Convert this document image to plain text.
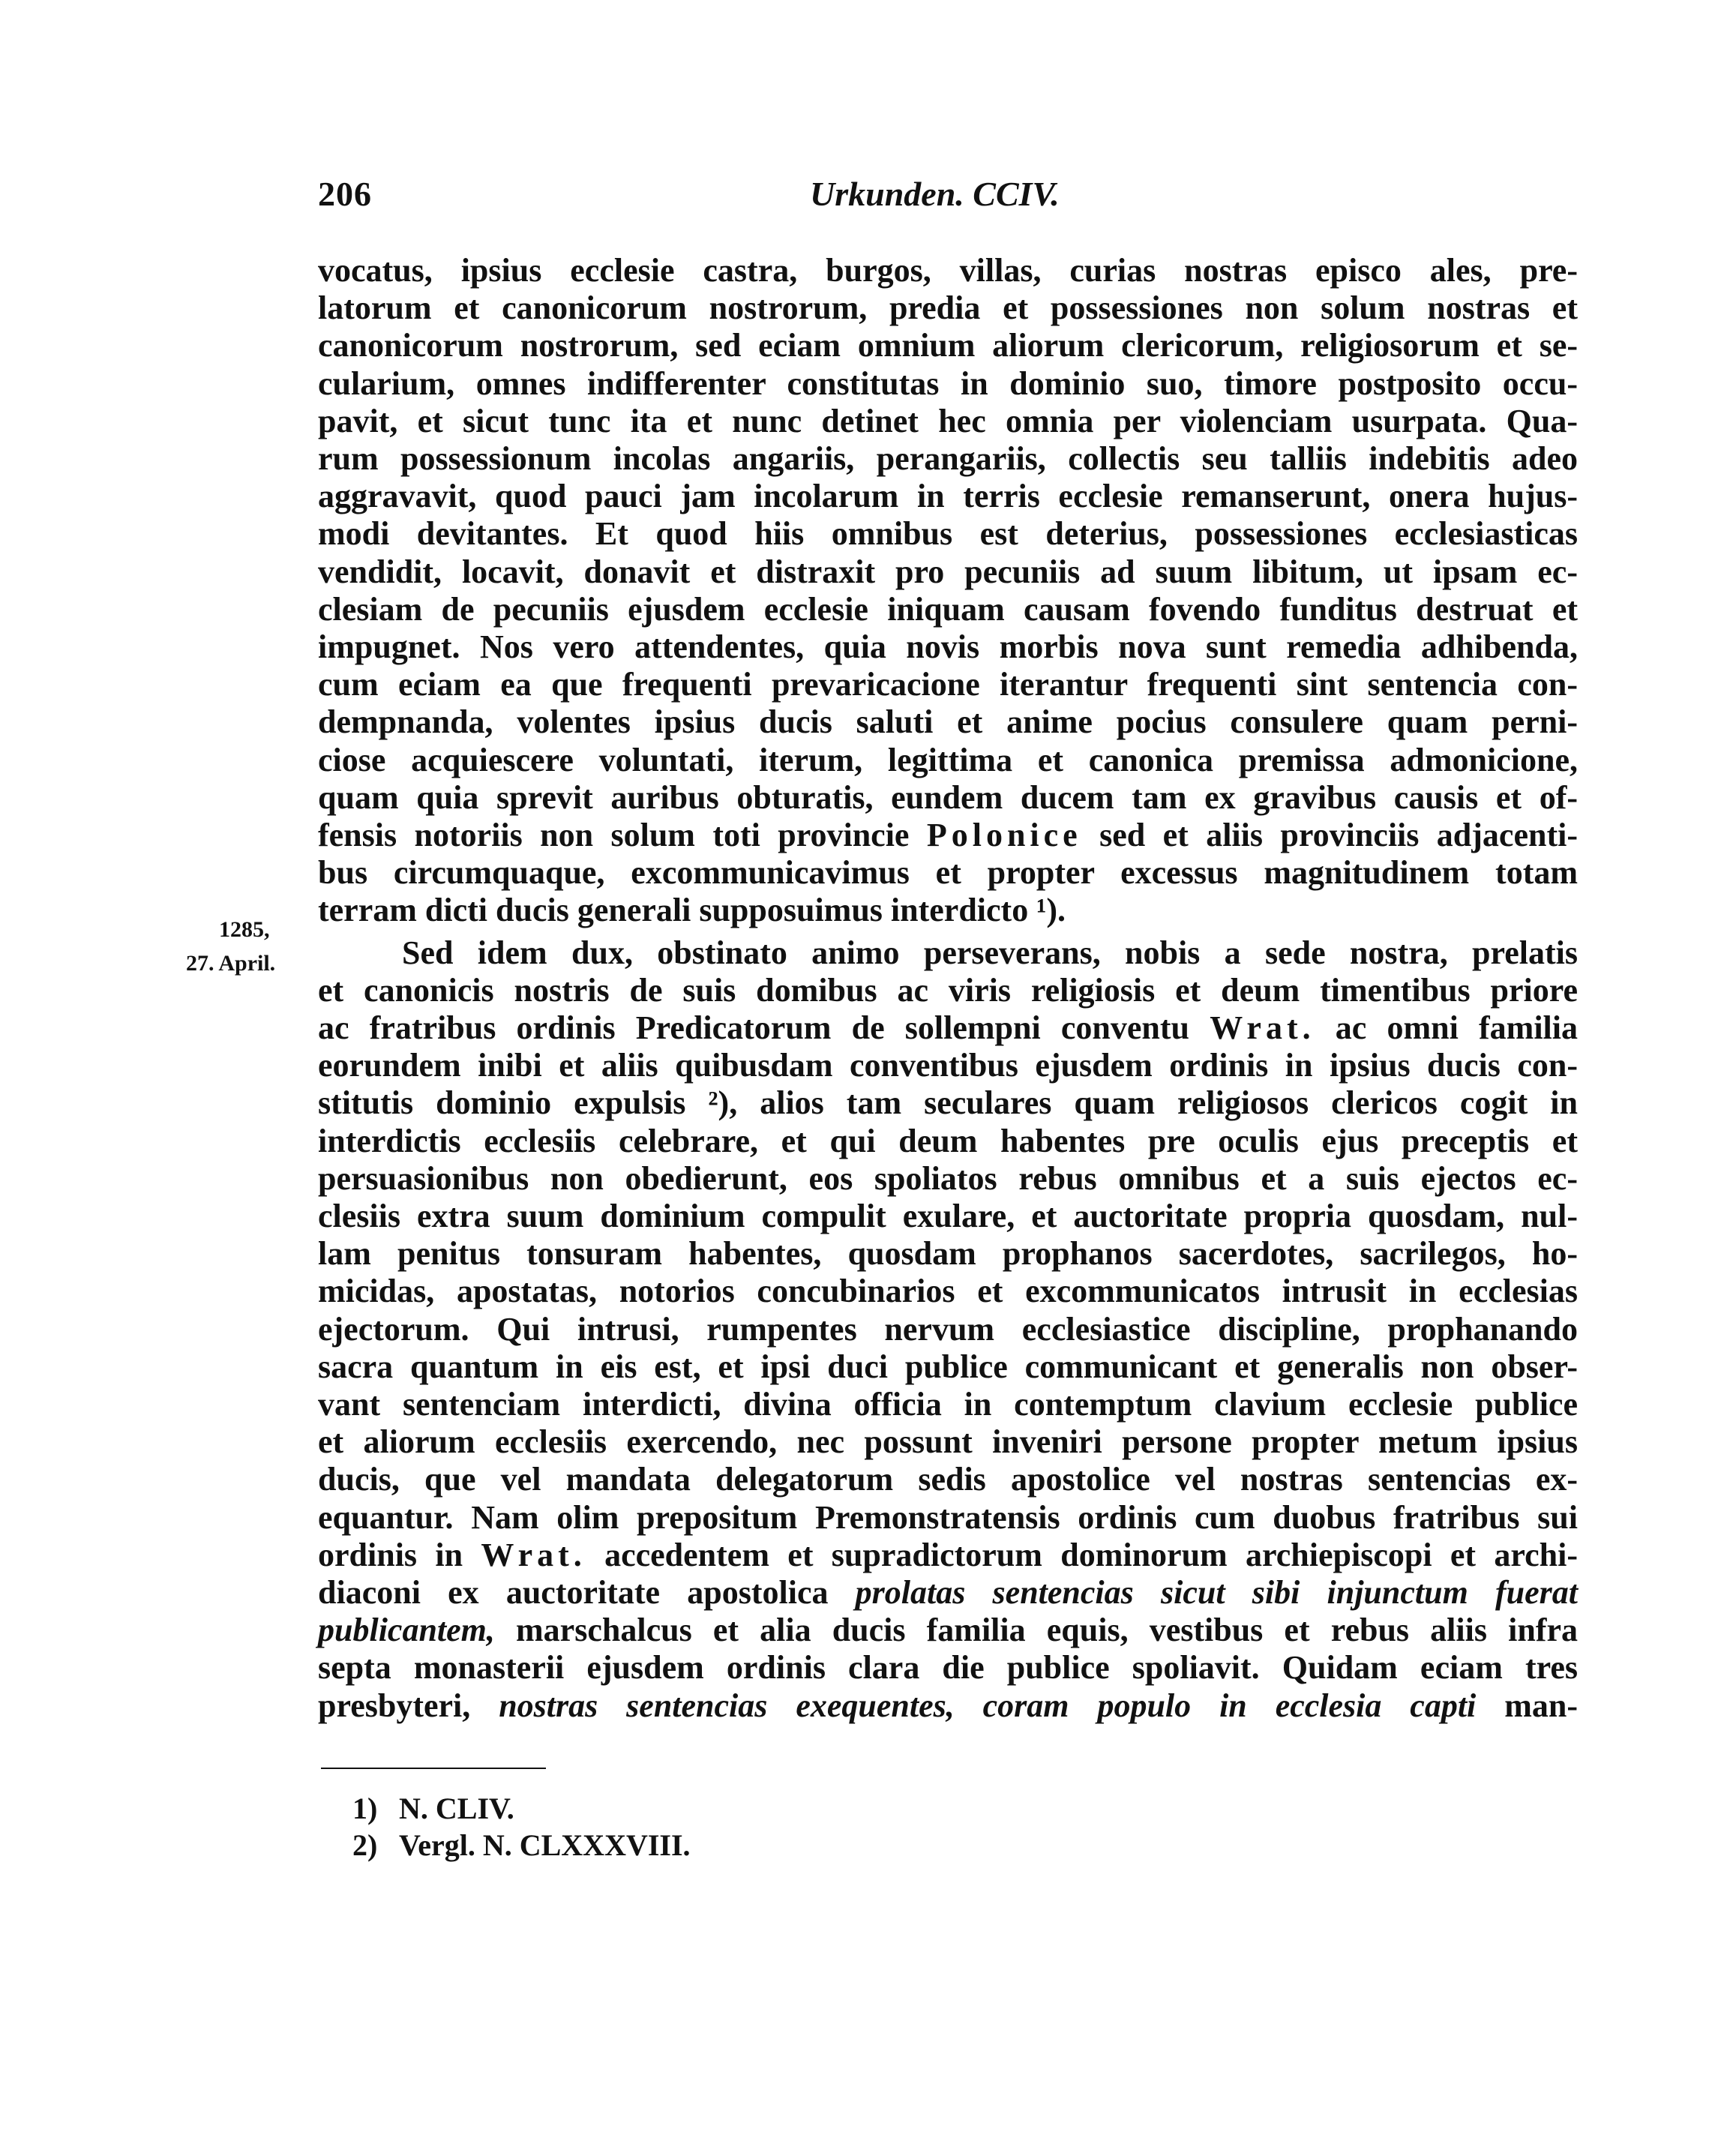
206	Urkunden. CCIV.
vocatus, ipsius ecclesie castra, burgos, villas, curias nostras episco ales, pre-
latorum et canonicorum nostrorum, predia et possessiones non solum nostras et
canonicorum nostrorum, sed eciam omnium aliorum clericorum, religiosorum et se-
cularium, omnes indifferenter constitutas in dominio suo, timore postposito occu-
pavit, et sicut tunc ita et nunc detinet hec omnia per violenciam usurpata. Qua-
rum possessionum incolas angariis, perangariis, collectis seu talliis indebitis adeo
aggravavit, quod pauci jam incolarum in terris ecclesie remanserunt, onera hujus-
modi devitantes. Et quod hiis omnibus est deterius, possessiones ecclesiasticas
vendidit, locavit, donavit et distraxit pro pecuniis ad suum libitum, ut ipsam ec-
clesiam de pecuniis ejusdem ecclesie iniquam causam fovendo funditus destruat et
impugnet. Nos vero attendentes, quia novis morbis nova sunt remedia adhibenda,
cum eciam ea que frequenti prevaricacione iterantur frequenti sint sentencia con-
dempnanda, volentes ipsius ducis saluti et anime pocius consulere quam perni-
ciose acquiescere voluntati, iterum, legittima et canonica premissa admonicione,
quam quia sprevit auribus obturatis, eundem ducem tam ex gravibus causis et of-
fensis notoriis non solum toti provincie Polonice sed et aliis provinciis adjacenti-
bus circumquaque, excommunicavimus et propter excessus magnitudinem totam
terram dicti ducis generali supposuimus interdicto ¹).
Sed idem dux, obstinato animo perseverans, nobis a sede nostra, prelatis
et canonicis nostris de suis domibus ac viris religiosis et deum timentibus priore
ac fratribus ordinis Predicatorum de sollempni conventu Wrat. ac omni familia
eorundem inibi et aliis quibusdam conventibus ejusdem ordinis in ipsius ducis con-
stitutis dominio expulsis ²), alios tam seculares quam religiosos clericos cogit in
interdictis ecclesiis celebrare, et qui deum habentes pre oculis ejus preceptis et
persuasionibus non obedierunt, eos spoliatos rebus omnibus et a suis ejectos ec-
clesiis extra suum dominium compulit exulare, et auctoritate propria quosdam, nul-
lam penitus tonsuram habentes, quosdam prophanos sacerdotes, sacrilegos, ho-
micidas, apostatas, notorios concubinarios et excommunicatos intrusit in ecclesias
ejectorum. Qui intrusi, rumpentes nervum ecclesiastice discipline, prophanando
sacra quantum in eis est, et ipsi duci publice communicant et generalis non obser-
vant sentenciam interdicti, divina officia in contemptum clavium ecclesie publice
et aliorum ecclesiis exercendo, nec possunt inveniri persone propter metum ipsius
ducis, que vel mandata delegatorum sedis apostolice vel nostras sentencias ex-
equantur. Nam olim prepositum Premonstratensis ordinis cum duobus fratribus sui
ordinis in Wrat. accedentem et supradictorum dominorum archiepiscopi et archi-
diaconi ex auctoritate apostolica prolatas sentencias sicut sibi injunctum fuerat
publicantem, marschalcus et alia ducis familia equis, vestibus et rebus aliis infra
septa monasterii ejusdem ordinis clara die publice spoliavit. Quidam eciam tres
presbyteri, nostras sentencias exequentes, coram populo in ecclesia capti man-
1285,
27. April.
1) N. CLIV.
2) Vergl. N. CLXXXVIII.
